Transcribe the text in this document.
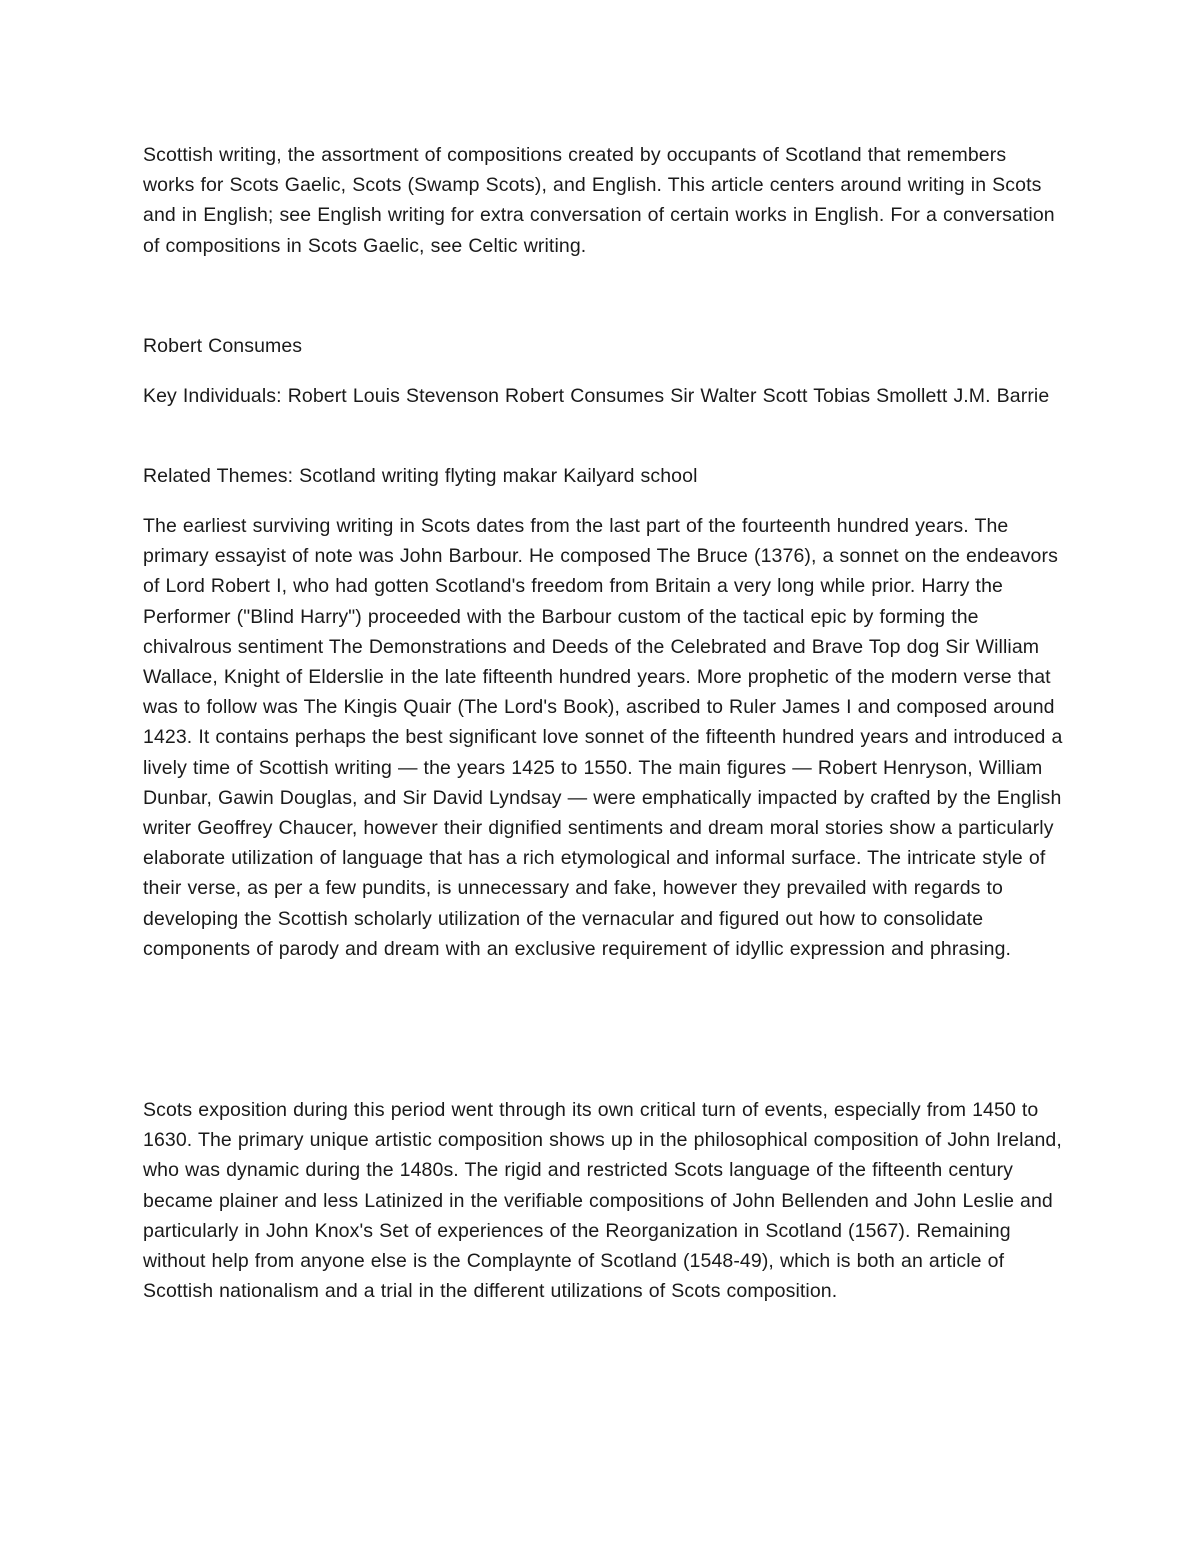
Scottish writing, the assortment of compositions created by occupants of Scotland that remembers works for Scots Gaelic, Scots (Swamp Scots), and English. This article centers around writing in Scots and in English; see English writing for extra conversation of certain works in English. For a conversation of compositions in Scots Gaelic, see Celtic writing.

Robert Consumes

Key Individuals: Robert Louis Stevenson Robert Consumes Sir Walter Scott Tobias Smollett J.M. Barrie

Related Themes: Scotland writing flyting makar Kailyard school

The earliest surviving writing in Scots dates from the last part of the fourteenth hundred years. The primary essayist of note was John Barbour. He composed The Bruce (1376), a sonnet on the endeavors of Lord Robert I, who had gotten Scotland's freedom from Britain a very long while prior. Harry the Performer ("Blind Harry") proceeded with the Barbour custom of the tactical epic by forming the chivalrous sentiment The Demonstrations and Deeds of the Celebrated and Brave Top dog Sir William Wallace, Knight of Elderslie in the late fifteenth hundred years. More prophetic of the modern verse that was to follow was The Kingis Quair (The Lord's Book), ascribed to Ruler James I and composed around 1423. It contains perhaps the best significant love sonnet of the fifteenth hundred years and introduced a lively time of Scottish writing — the years 1425 to 1550. The main figures — Robert Henryson, William Dunbar, Gawin Douglas, and Sir David Lyndsay — were emphatically impacted by crafted by the English writer Geoffrey Chaucer, however their dignified sentiments and dream moral stories show a particularly elaborate utilization of language that has a rich etymological and informal surface. The intricate style of their verse, as per a few pundits, is unnecessary and fake, however they prevailed with regards to developing the Scottish scholarly utilization of the vernacular and figured out how to consolidate components of parody and dream with an exclusive requirement of idyllic expression and phrasing.

Scots exposition during this period went through its own critical turn of events, especially from 1450 to 1630. The primary unique artistic composition shows up in the philosophical composition of John Ireland, who was dynamic during the 1480s. The rigid and restricted Scots language of the fifteenth century became plainer and less Latinized in the verifiable compositions of John Bellenden and John Leslie and particularly in John Knox's Set of experiences of the Reorganization in Scotland (1567). Remaining without help from anyone else is the Complaynte of Scotland (1548-49), which is both an article of Scottish nationalism and a trial in the different utilizations of Scots composition.
